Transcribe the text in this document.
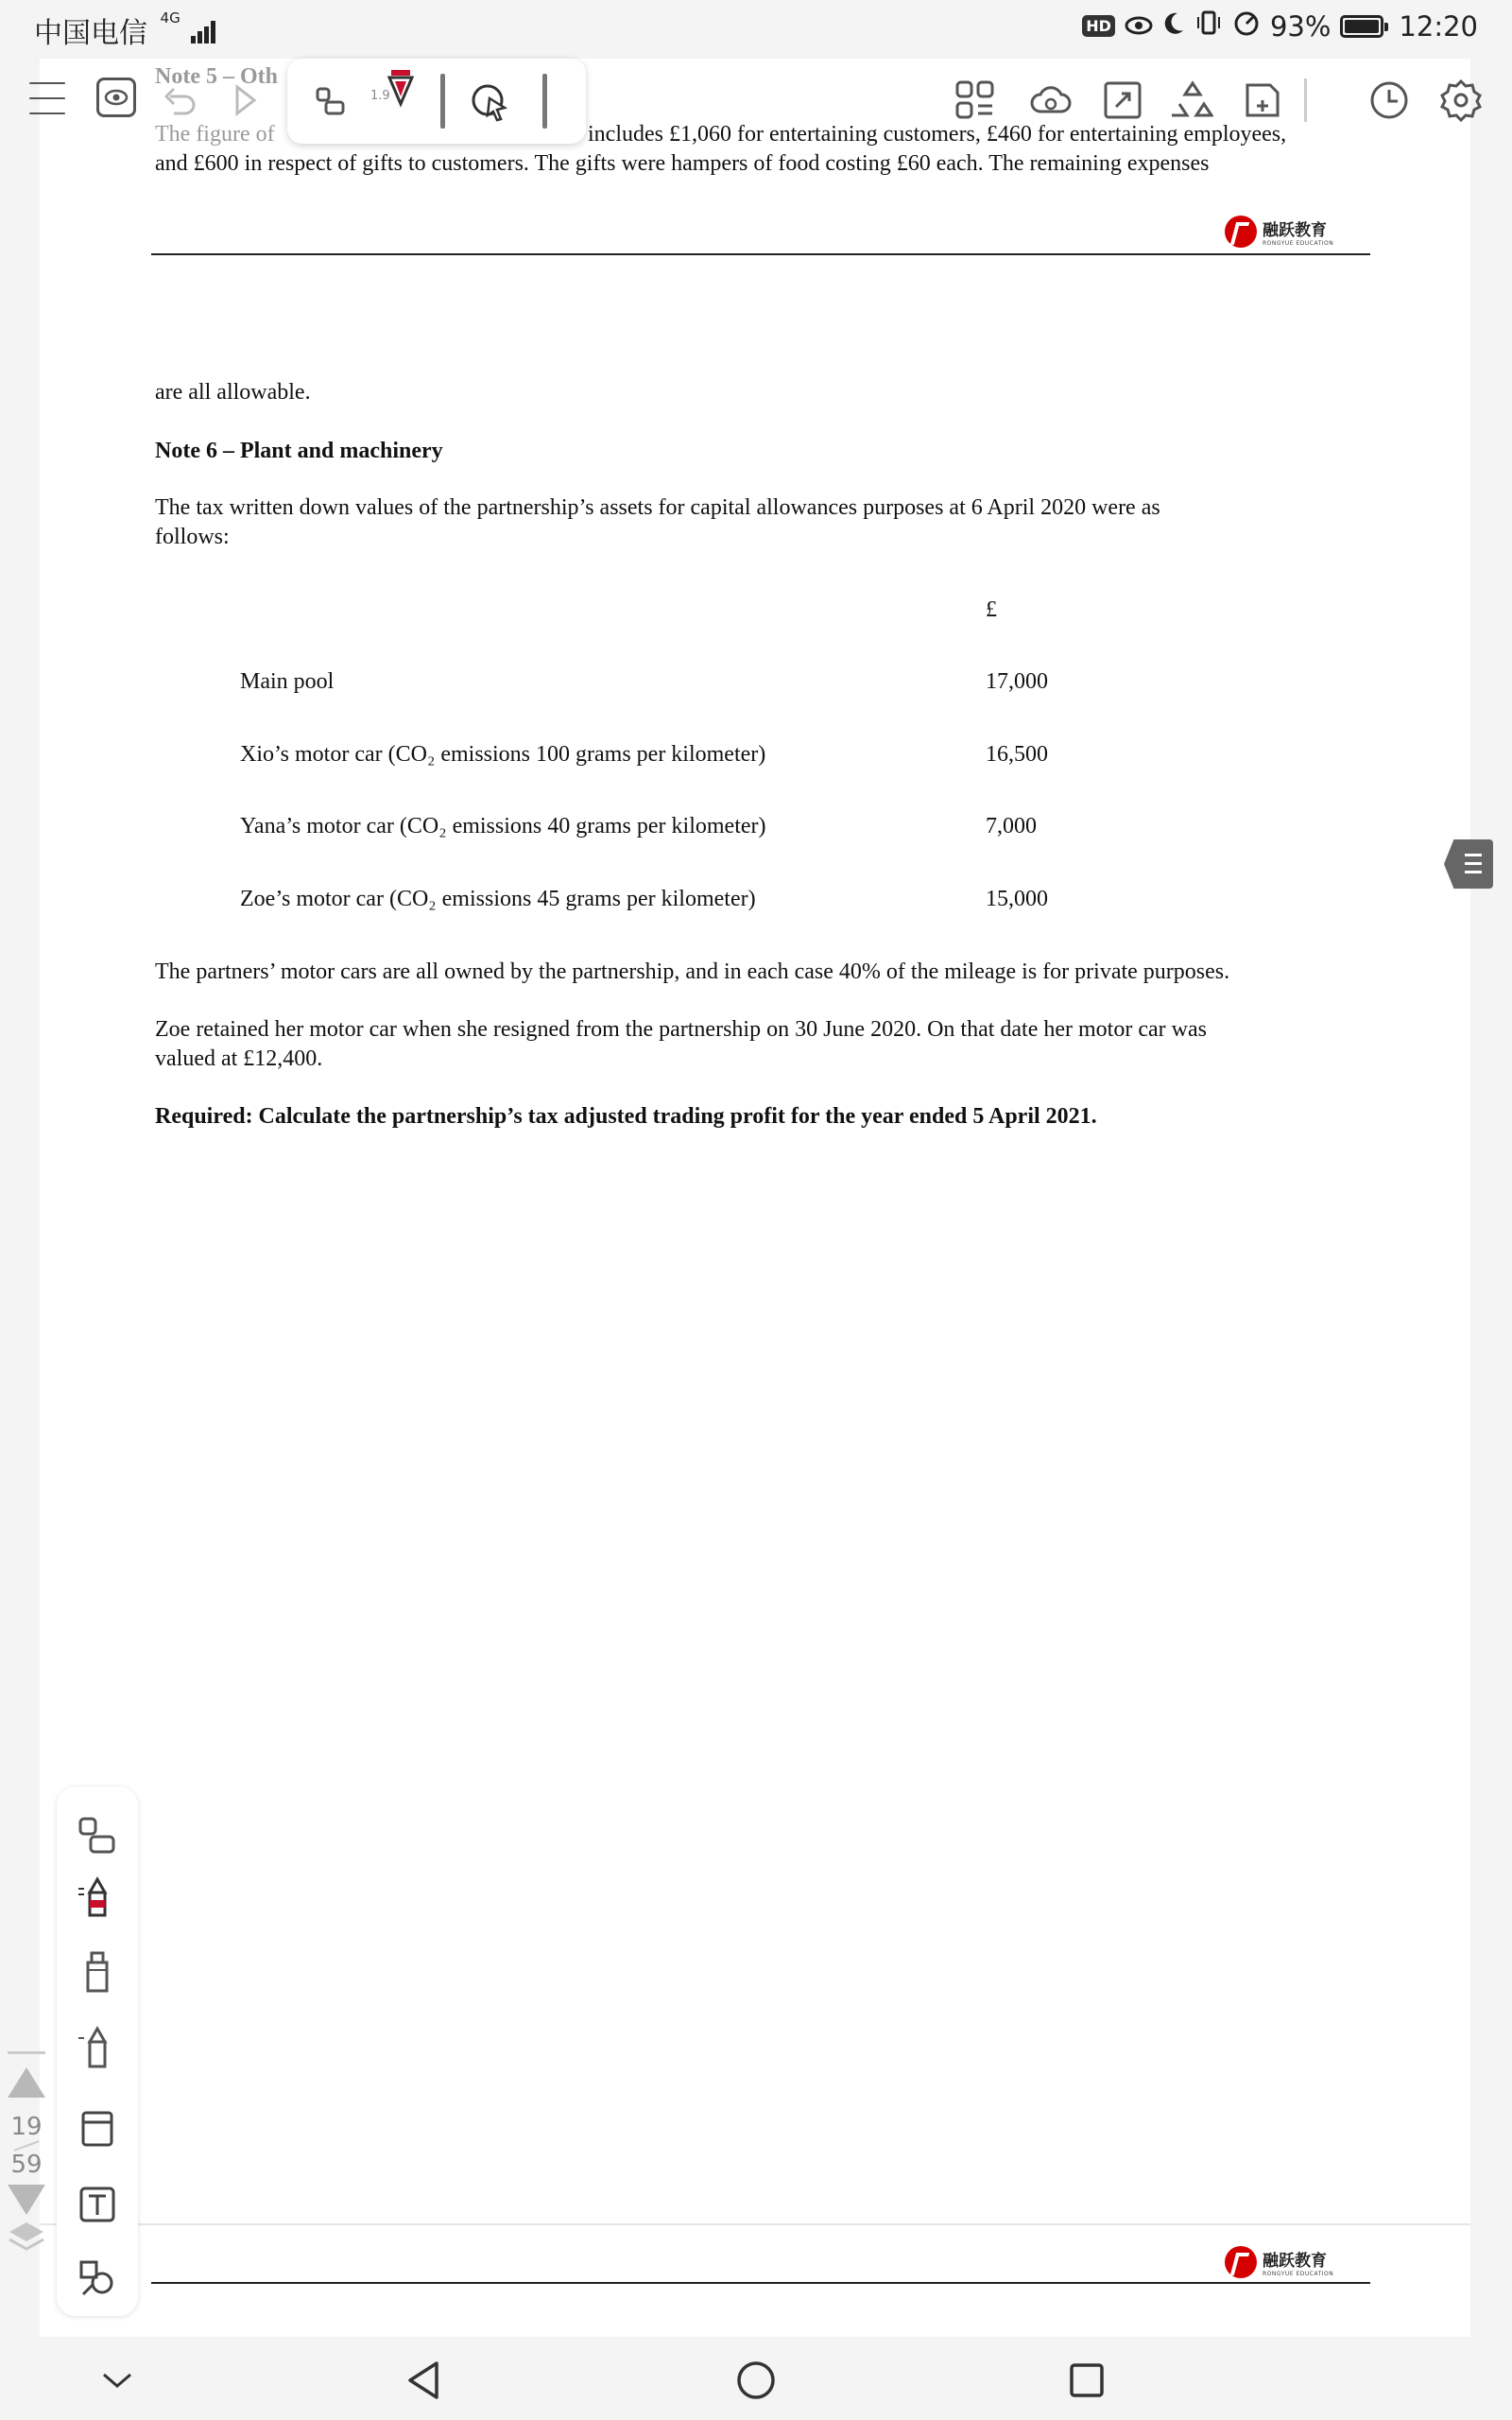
中国电信 4G	HD	93% 12:20
Note 5 – Oth
The figure of	includes £1,060 for entertaining customers, £460 for entertaining employees,
and £600 in respect of gifts to customers. The gifts were hampers of food costing £60 each. The remaining expenses
融跃教育
RONGYUE EDUCATION
are all allowable.
Note 6 – Plant and machinery
The tax written down values of the partnership’s assets for capital allowances purposes at 6 April 2020 were as
follows:
£
Main pool	17,000
Xio’s motor car (CO₂ emissions 100 grams per kilometer)	16,500
Yana’s motor car (CO₂ emissions 40 grams per kilometer)	7,000
Zoe’s motor car (CO₂ emissions 45 grams per kilometer)	15,000
The partners’ motor cars are all owned by the partnership, and in each case 40% of the mileage is for private purposes.
Zoe retained her motor car when she resigned from the partnership on 30 June 2020. On that date her motor car was
valued at £12,400.
Required: Calculate the partnership’s tax adjusted trading profit for the year ended 5 April 2021.
融跃教育
RONGYUE EDUCATION
1.9
19
59
